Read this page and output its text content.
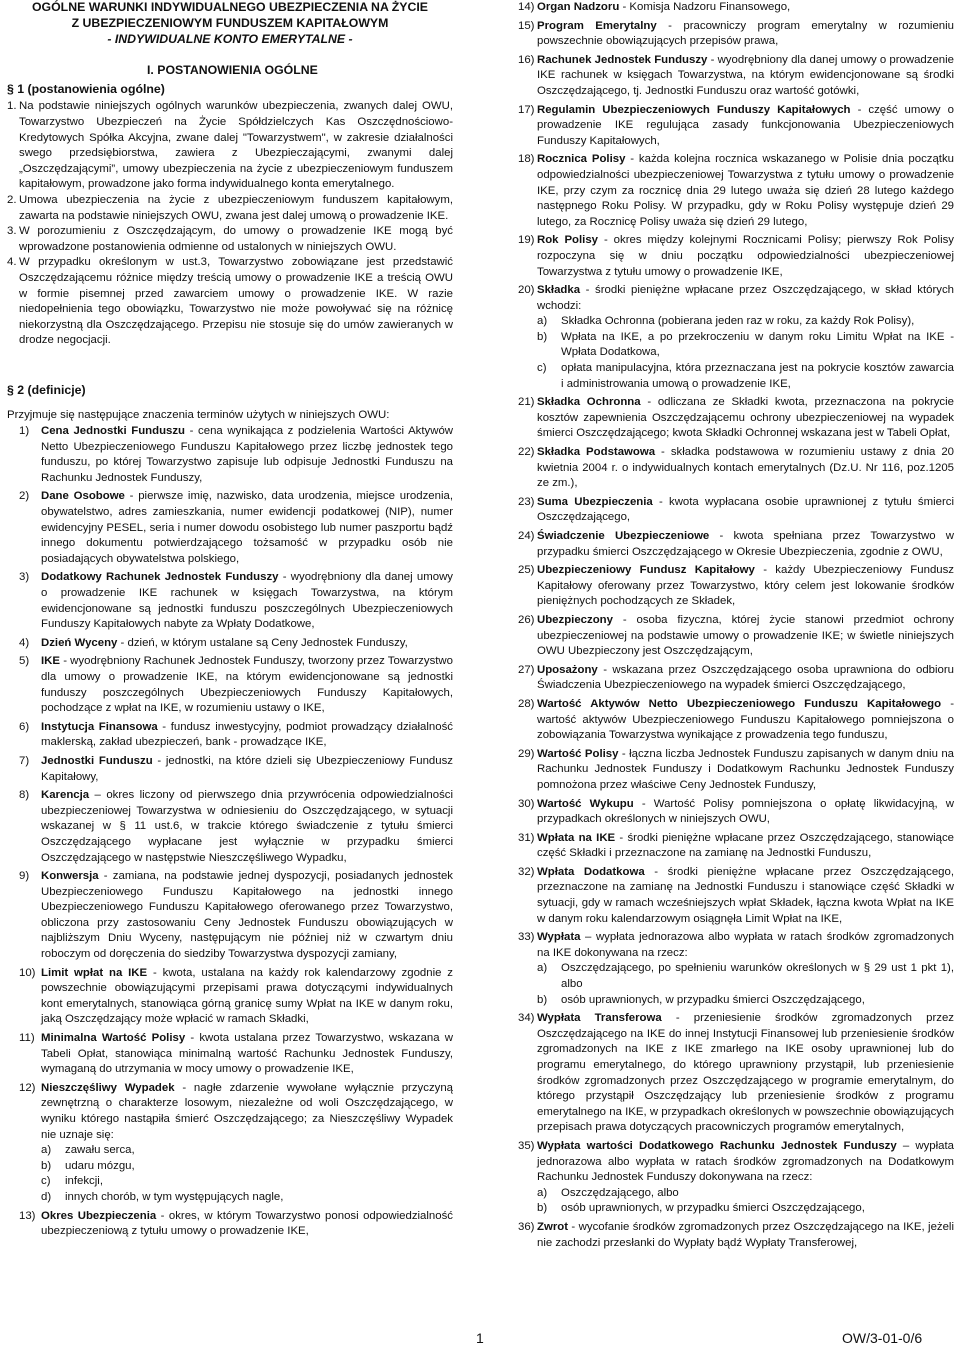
OGÓLNE WARUNKI INDYWIDUALNEGO UBEZPIECZENIA NA ŻYCIE
Z UBEZPIECZENIOWYM FUNDUSZEM KAPITAŁOWYM
- INDYWIDUALNE KONTO EMERYTALNE -
I. POSTANOWIENIA OGÓLNE
§ 1 (postanowienia ogólne)

1. Na podstawie niniejszych ogólnych warunków ubezpieczenia, zwanych dalej OWU, Towarzystwo Ubezpieczeń na Życie Spółdzielczych Kas Oszczędnościowo-Kredytowych Spółka Akcyjna, zwane dalej "Towarzystwem", w zakresie działalności swego przedsiębiorstwa, zawiera z Ubezpieczającymi, zwanymi dalej „Oszczędzającymi”, umowy ubezpieczenia na życie z ubezpieczeniowym funduszem kapitałowym, prowadzone jako forma indywidualnego konta emerytalnego.

2. Umowa ubezpieczenia na życie z ubezpieczeniowym funduszem kapitałowym, zawarta na podstawie niniejszych OWU, zwana jest dalej umową o prowadzenie IKE.

3. W porozumieniu z Oszczędzającym, do umowy o prowadzenie IKE mogą być wprowadzone postanowienia odmienne od ustalonych w niniejszych OWU.

4. W przypadku określonym w ust.3, Towarzystwo zobowiązane jest przedstawić Oszczędzającemu różnice między treścią umowy o prowadzenie IKE a treścią OWU w formie pisemnej przed zawarciem umowy o prowadzenie IKE. W razie niedopełnienia tego obowiązku, Towarzystwo nie może powoływać się na różnicę niekorzystną dla Oszczędzającego. Przepisu nie stosuje się do umów zawieranych w drodze negocjacji.

§ 2 (definicje)

Przyjmuje się następujące znaczenia terminów użytych w niniejszych OWU:

1) Cena Jednostki Funduszu - cena wynikająca z podzielenia Wartości Aktywów Netto Ubezpieczeniowego Funduszu Kapitałowego przez liczbę jednostek tego funduszu, po której Towarzystwo zapisuje lub odpisuje Jednostki Funduszu na Rachunku Jednostek Funduszy,
2) Dane Osobowe - pierwsze imię, nazwisko, data urodzenia, miejsce urodzenia, obywatelstwo, adres zamieszkania, numer ewidencji podatkowej (NIP), numer ewidencyjny PESEL, seria i numer dowodu osobistego lub numer paszportu bądź innego dokumentu potwierdzającego tożsamość w przypadku osób nie posiadających obywatelstwa polskiego,
3) Dodatkowy Rachunek Jednostek Funduszy - wyodrębniony dla danej umowy o prowadzenie IKE rachunek w księgach Towarzystwa, na którym ewidencjonowane są jednostki funduszu poszczególnych Ubezpieczeniowych Funduszy Kapitałowych nabyte za Wpłaty Dodatkowe,
4) Dzień Wyceny - dzień, w którym ustalane są Ceny Jednostek Funduszy,
5) IKE - wyodrębniony Rachunek Jednostek Funduszy, tworzony przez Towarzystwo dla umowy o prowadzenie IKE, na którym ewidencjonowane są jednostki funduszy poszczególnych Ubezpieczeniowych Funduszy Kapitałowych, pochodzące z wpłat na IKE, w rozumieniu ustawy o IKE,
6) Instytucja Finansowa - fundusz inwestycyjny, podmiot prowadzący działalność maklerską, zakład ubezpieczeń, bank - prowadzące IKE,
7) Jednostki Funduszu - jednostki, na które dzieli się Ubezpieczeniowy Fundusz Kapitałowy,
8) Karencja – okres liczony od pierwszego dnia przywrócenia odpowiedzialności ubezpieczeniowej Towarzystwa w odniesieniu do Oszczędzającego, w sytuacji wskazanej w § 11 ust.6, w trakcie którego świadczenie z tytułu śmierci Oszczędzającego wypłacane jest wyłącznie w przypadku śmierci Oszczędzającego w następstwie Nieszczęśliwego Wypadku,
9) Konwersja - zamiana, na podstawie jednej dyspozycji, posiadanych jednostek Ubezpieczeniowego Funduszu Kapitałowego na jednostki innego Ubezpieczeniowego Funduszu Kapitałowego oferowanego przez Towarzystwo, obliczona przy zastosowaniu Ceny Jednostek Funduszu obowiązujących w najbliższym Dniu Wyceny, następującym nie później niż w czwartym dniu roboczym od doręczenia do siedziby Towarzystwa dyspozycji zamiany,
10) Limit wpłat na IKE - kwota, ustalana na każdy rok kalendarzowy zgodnie z powszechnie obowiązującymi przepisami prawa dotyczącymi indywidualnych kont emerytalnych, stanowiąca górną granicę sumy Wpłat na IKE w danym roku, jaką Oszczędzający może wpłacić w ramach Składki,
11) Minimalna Wartość Polisy - kwota ustalana przez Towarzystwo, wskazana w Tabeli Opłat, stanowiąca minimalną wartość Rachunku Jednostek Funduszy, wymaganą do utrzymania w mocy umowy o prowadzenie IKE,
12) Nieszczęśliwy Wypadek - nagłe zdarzenie wywołane wyłącznie przyczyną zewnętrzną o charakterze losowym, niezależne od woli Oszczędzającego, w wyniku którego nastąpiła śmierć Oszczędzającego; za Nieszczęśliwy Wypadek nie uznaje się:
a) zawału serca,
b) udaru mózgu,
c) infekcji,
d) innych chorób, w tym występujących nagle,
13) Okres Ubezpieczenia - okres, w którym Towarzystwo ponosi odpowiedzialność ubezpieczeniową z tytułu umowy o prowadzenie IKE,
14) Organ Nadzoru - Komisja Nadzoru Finansowego,
15) Program Emerytalny - pracowniczy program emerytalny w rozumieniu powszechnie obowiązujących przepisów prawa,
16) Rachunek Jednostek Funduszy - wyodrębniony dla danej umowy o prowadzenie IKE rachunek w księgach Towarzystwa, na którym ewidencjonowane są środki Oszczędzającego, tj. Jednostki Funduszu oraz wartość gotówki,
17) Regulamin Ubezpieczeniowych Funduszy Kapitałowych - część umowy o prowadzenie IKE regulująca zasady funkcjonowania Ubezpieczeniowych Funduszy Kapitałowych,
18) Rocznica Polisy - każda kolejna rocznica wskazanego w Polisie dnia początku odpowiedzialności ubezpieczeniowej Towarzystwa z tytułu umowy o prowadzenie IKE, przy czym za rocznicę dnia 29 lutego uważa się dzień 28 lutego każdego następnego Roku Polisy. W przypadku, gdy w Roku Polisy występuje dzień 29 lutego, za Rocznicę Polisy uważa się dzień 29 lutego,
19) Rok Polisy - okres między kolejnymi Rocznicami Polisy; pierwszy Rok Polisy rozpoczyna się w dniu początku odpowiedzialności ubezpieczeniowej Towarzystwa z tytułu umowy o prowadzenie IKE,
20) Składka - środki pieniężne wpłacane przez Oszczędzającego, w skład których wchodzi:
a) Składka Ochronna (pobierana jeden raz w roku, za każdy Rok Polisy),
b) Wpłata na IKE, a po przekroczeniu w danym roku Limitu Wpłat na IKE - Wpłata Dodatkowa,
c) opłata manipulacyjna, która przeznaczana jest na pokrycie kosztów zawarcia i administrowania umową o prowadzenie IKE,
21) Składka Ochronna - odliczana ze Składki kwota, przeznaczona na pokrycie kosztów zapewnienia Oszczędzającemu ochrony ubezpieczeniowej na wypadek śmierci Oszczędzającego; kwota Składki Ochronnej wskazana jest w Tabeli Opłat,
22) Składka Podstawowa - składka podstawowa w rozumieniu ustawy z dnia 20 kwietnia 2004 r. o indywidualnych kontach emerytalnych (Dz.U. Nr 116, poz.1205 ze zm.),
23) Suma Ubezpieczenia - kwota wypłacana osobie uprawnionej z tytułu śmierci Oszczędzającego,
24) Świadczenie Ubezpieczeniowe - kwota spełniana przez Towarzystwo w przypadku śmierci Oszczędzającego w Okresie Ubezpieczenia, zgodnie z OWU,
25) Ubezpieczeniowy Fundusz Kapitałowy - każdy Ubezpieczeniowy Fundusz Kapitałowy oferowany przez Towarzystwo, który celem jest lokowanie środków pieniężnych pochodzących ze Składek,
26) Ubezpieczony - osoba fizyczna, której życie stanowi przedmiot ochrony ubezpieczeniowej na podstawie umowy o prowadzenie IKE; w świetle niniejszych OWU Ubezpieczony jest Oszczędzającym,
27) Uposażony - wskazana przez Oszczędzającego osoba uprawniona do odbioru Świadczenia Ubezpieczeniowego na wypadek śmierci Oszczędzającego,
28) Wartość Aktywów Netto Ubezpieczeniowego Funduszu Kapitałowego - wartość aktywów Ubezpieczeniowego Funduszu Kapitałowego pomniejszona o zobowiązania Towarzystwa wynikające z prowadzenia tego funduszu,
29) Wartość Polisy - łączna liczba Jednostek Funduszu zapisanych w danym dniu na Rachunku Jednostek Funduszy i Dodatkowym Rachunku Jednostek Funduszy pomnożona przez właściwe Ceny Jednostek Funduszy,
30) Wartość Wykupu - Wartość Polisy pomniejszona o opłatę likwidacyjną, w przypadkach określonych w niniejszych OWU,
31) Wpłata na IKE - środki pieniężne wpłacane przez Oszczędzającego, stanowiące część Składki i przeznaczone na zamianę na Jednostki Funduszu,
32) Wpłata Dodatkowa - środki pieniężne wpłacane przez Oszczędzającego, przeznaczone na zamianę na Jednostki Funduszu i stanowiące część Składki w sytuacji, gdy w ramach wcześniejszych wpłat Składek, łączna kwota Wpłat na IKE w danym roku kalendarzowym osiągnęła Limit Wpłat na IKE,
33) Wypłata – wypłata jednorazowa albo wypłata w ratach środków zgromadzonych na IKE dokonywana na rzecz:
a) Oszczędzającego, po spełnieniu warunków określonych w § 29 ust 1 pkt 1), albo
b) osób uprawnionych, w przypadku śmierci Oszczędzającego,
34) Wypłata Transferowa - przeniesienie środków zgromadzonych przez Oszczędzającego na IKE do innej Instytucji Finansowej lub przeniesienie środków zgromadzonych na IKE z IKE zmarłego na IKE osoby uprawnionej lub do programu emerytalnego, do którego uprawniony przystąpił, lub przeniesienie środków zgromadzonych przez Oszczędzającego w programie emerytalnym, do którego przystąpił Oszczędzający lub przeniesienie środków z programu emerytalnego na IKE, w przypadkach określonych w powszechnie obowiązujących przepisach prawa dotyczących pracowniczych programów emerytalnych,
35) Wypłata wartości Dodatkowego Rachunku Jednostek Funduszy – wypłata jednorazowa albo wypłata w ratach środków zgromadzonych na Dodatkowym Rachunku Jednostek Funduszy dokonywana na rzecz:
a) Oszczędzającego, albo
b) osób uprawnionych, w przypadku śmierci Oszczędzającego,
36) Zwrot - wycofanie środków zgromadzonych przez Oszczędzającego na IKE, jeżeli nie zachodzi przesłanki do Wypłaty bądź Wypłaty Transferowej,
1	OW/3-01-0/6
